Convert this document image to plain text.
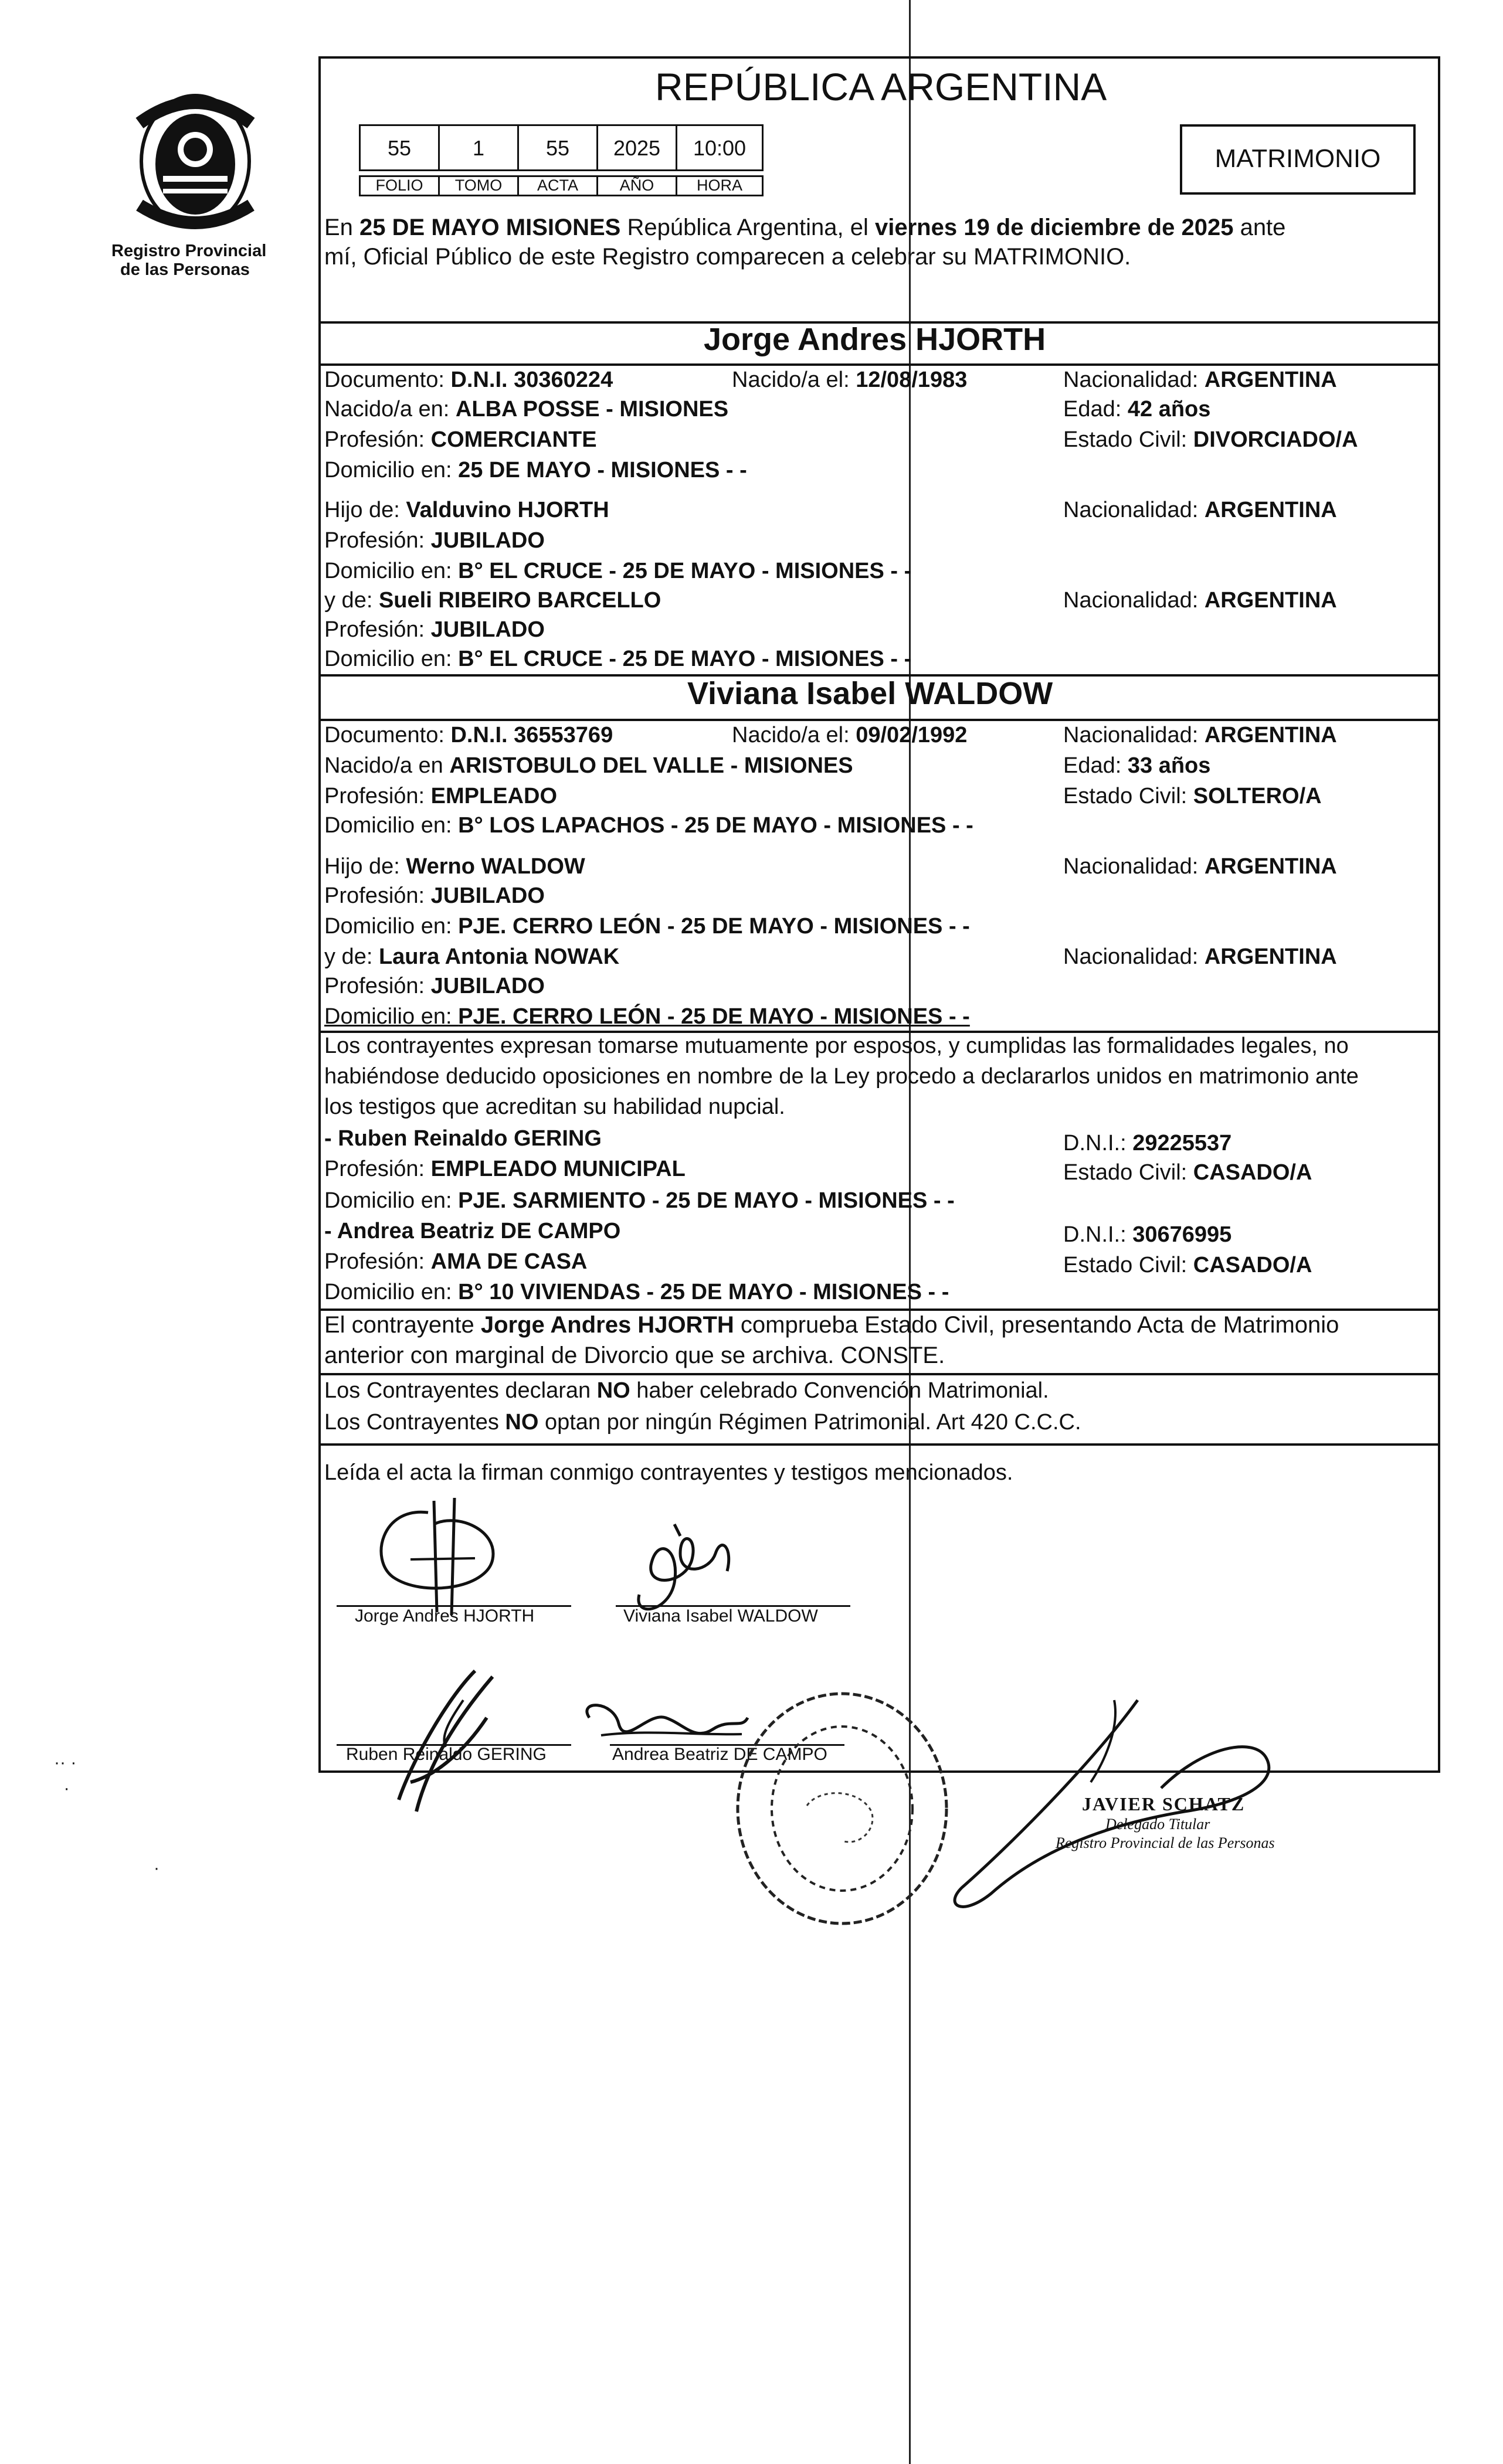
Registro Provincial
de las Personas
·· ·
·
·
REPÚBLICA ARGENTINA
55	1	55	2025	10:00
FOLIO	TOMO	ACTA	AÑO	HORA
MATRIMONIO
En 25 DE MAYO MISIONES República Argentina, el viernes 19 de diciembre de 2025 ante
mí, Oficial Público de este Registro comparecen a celebrar su MATRIMONIO.
Jorge Andres HJORTH
Documento: D.N.I. 30360224	Nacido/a el: 12/08/1983	Nacionalidad: ARGENTINA
Nacido/a en: ALBA POSSE - MISIONES	Edad: 42 años
Profesión: COMERCIANTE	Estado Civil: DIVORCIADO/A
Domicilio en: 25 DE MAYO - MISIONES - -
Hijo de: Valduvino HJORTH	Nacionalidad: ARGENTINA
Profesión: JUBILADO
Domicilio en: B° EL CRUCE - 25 DE MAYO - MISIONES - -
y de: Sueli RIBEIRO BARCELLO	Nacionalidad: ARGENTINA
Profesión: JUBILADO
Domicilio en: B° EL CRUCE - 25 DE MAYO - MISIONES - -
Viviana Isabel WALDOW
Documento: D.N.I. 36553769	Nacido/a el: 09/02/1992	Nacionalidad: ARGENTINA
Nacido/a en ARISTOBULO DEL VALLE - MISIONES	Edad: 33 años
Profesión: EMPLEADO	Estado Civil: SOLTERO/A
Domicilio en: B° LOS LAPACHOS - 25 DE MAYO - MISIONES - -
Hijo de: Werno WALDOW	Nacionalidad: ARGENTINA
Profesión: JUBILADO
Domicilio en: PJE. CERRO LEÓN - 25 DE MAYO - MISIONES - -
y de: Laura Antonia NOWAK	Nacionalidad: ARGENTINA
Profesión: JUBILADO
Domicilio en: PJE. CERRO LEÓN - 25 DE MAYO - MISIONES - -
Los contrayentes expresan tomarse mutuamente por esposos, y cumplidas las formalidades legales, no
habiéndose deducido oposiciones en nombre de la Ley procedo a declararlos unidos en matrimonio ante
los testigos que acreditan su habilidad nupcial.
- Ruben Reinaldo GERING	D.N.I.: 29225537
Profesión: EMPLEADO MUNICIPAL	Estado Civil: CASADO/A
Domicilio en: PJE. SARMIENTO - 25 DE MAYO - MISIONES - -
- Andrea Beatriz DE CAMPO	D.N.I.: 30676995
Profesión: AMA DE CASA	Estado Civil: CASADO/A
Domicilio en: B° 10 VIVIENDAS - 25 DE MAYO - MISIONES - -
El contrayente Jorge Andres HJORTH comprueba Estado Civil, presentando Acta de Matrimonio
anterior con marginal de Divorcio que se archiva. CONSTE.
Los Contrayentes declaran NO haber celebrado Convención Matrimonial.
Los Contrayentes NO optan por ningún Régimen Patrimonial. Art 420 C.C.C.
Leída el acta la firman conmigo contrayentes y testigos mencionados.
Jorge Andres HJORTH	Viviana Isabel WALDOW
Ruben Reinaldo GERING	Andrea Beatriz DE CAMPO
JAVIER SCHATZ
Delegado Titular
Registro Provincial de las Personas
